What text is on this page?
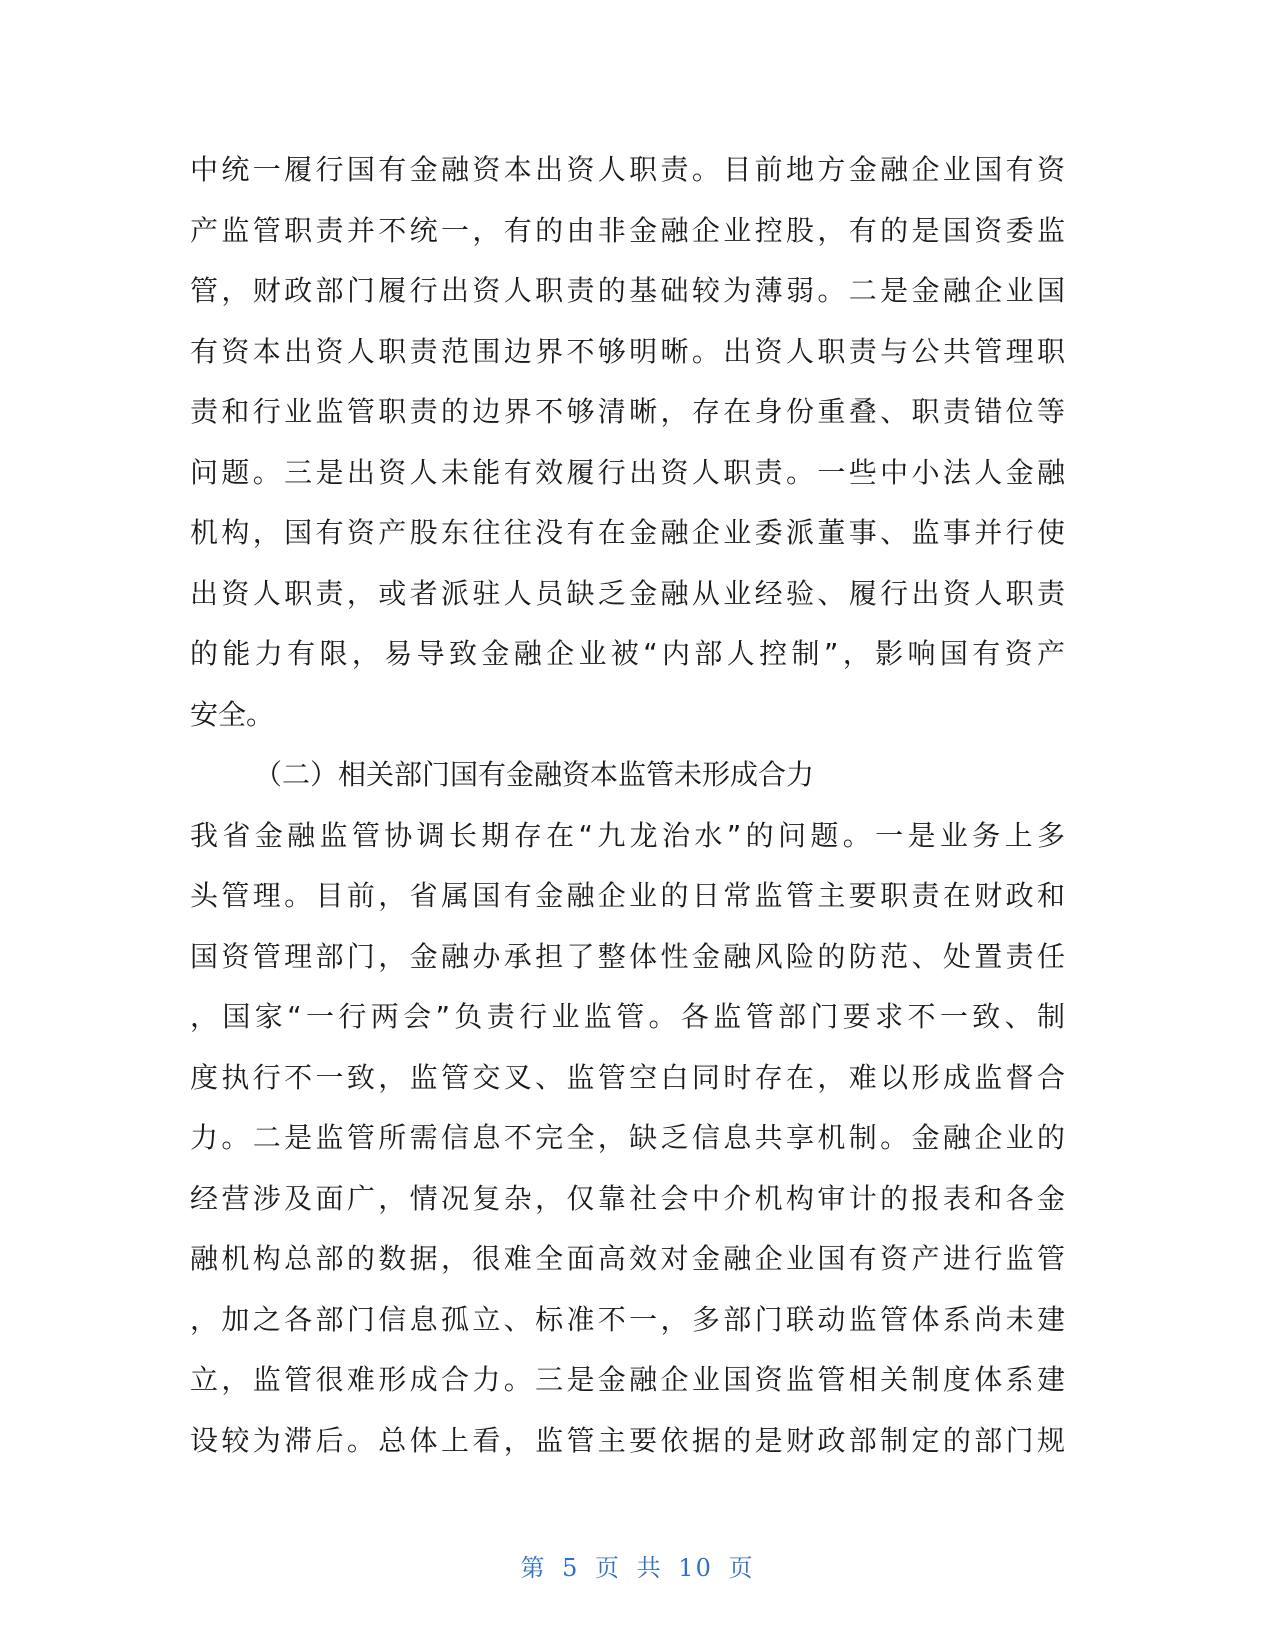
中统一履行国有金融资本出资人职责。目前地方金融企业国有资
产监管职责并不统一，有的由非金融企业控股，有的是国资委监
管，财政部门履行出资人职责的基础较为薄弱。二是金融企业国
有资本出资人职责范围边界不够明晰。出资人职责与公共管理职
责和行业监管职责的边界不够清晰，存在身份重叠、职责错位等
问题。三是出资人未能有效履行出资人职责。一些中小法人金融
机构，国有资产股东往往没有在金融企业委派董事、监事并行使
出资人职责，或者派驻人员缺乏金融从业经验、履行出资人职责
的能力有限，易导致金融企业被“内部人控制”，影响国有资产
安全。
（二）相关部门国有金融资本监管未形成合力
我省金融监管协调长期存在“九龙治水”的问题。一是业务上多
头管理。目前，省属国有金融企业的日常监管主要职责在财政和
国资管理部门，金融办承担了整体性金融风险的防范、处置责任
，国家“一行两会”负责行业监管。各监管部门要求不一致、制
度执行不一致，监管交叉、监管空白同时存在，难以形成监督合
力。二是监管所需信息不完全，缺乏信息共享机制。金融企业的
经营涉及面广，情况复杂，仅靠社会中介机构审计的报表和各金
融机构总部的数据，很难全面高效对金融企业国有资产进行监管
，加之各部门信息孤立、标准不一，多部门联动监管体系尚未建
立，监管很难形成合力。三是金融企业国资监管相关制度体系建
设较为滞后。总体上看，监管主要依据的是财政部制定的部门规
第 5 页 共 10 页
